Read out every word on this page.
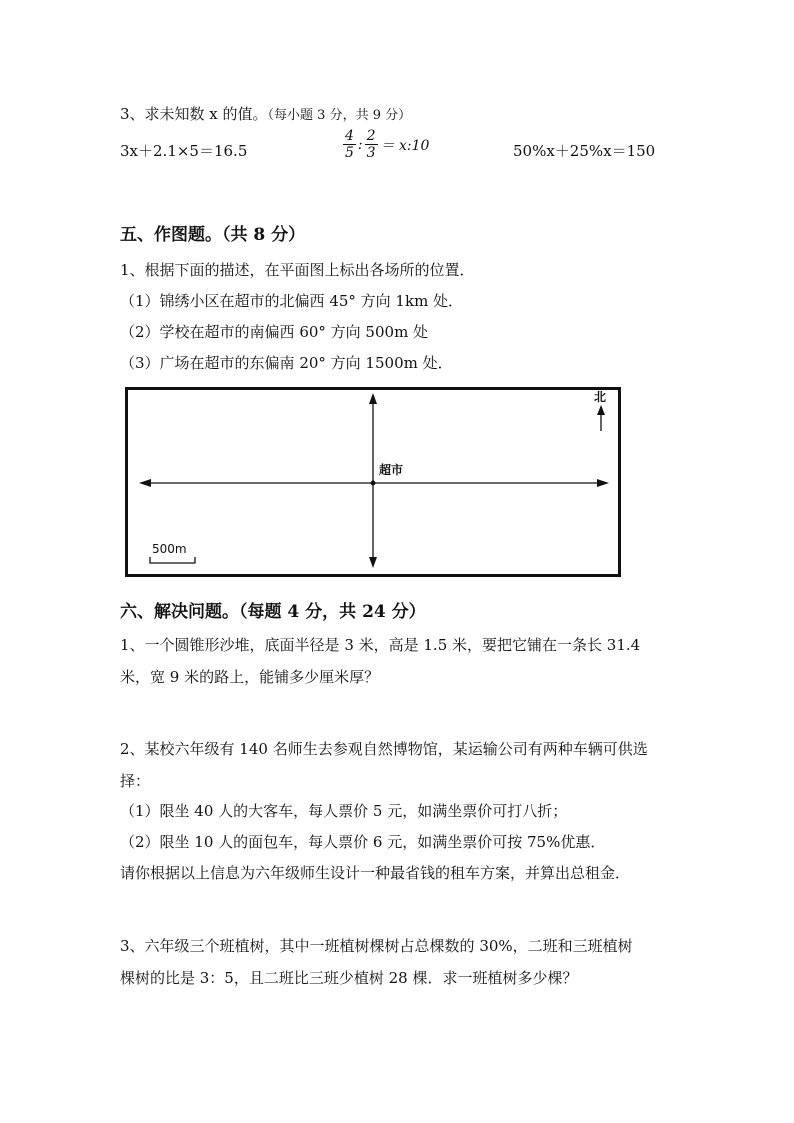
3、求未知数 x 的值。（每小题 3 分，共 9 分）
3x＋2.1×5＝16.5	$\frac{4}{5}$ : $\frac{2}{3}$ ＝ x:10	50%x＋25%x＝150
五、作图题。（共 8 分）
1、根据下面的描述，在平面图上标出各场所的位置．
（1）锦绣小区在超市的北偏西 45° 方向 1km 处．
（2）学校在超市的南偏西 60° 方向 500m 处
（3）广场在超市的东偏南 20° 方向 1500m 处．
北
超市
500m
六、解决问题。（每题 4 分，共 24 分）
1、一个圆锥形沙堆，底面半径是 3 米，高是 1.5 米，要把它铺在一条长 31.4
米，宽 9 米的路上，能铺多少厘米厚？
2、某校六年级有 140 名师生去参观自然博物馆，某运输公司有两种车辆可供选
择：
（1）限坐 40 人的大客车，每人票价 5 元，如满坐票价可打八折；
（2）限坐 10 人的面包车，每人票价 6 元，如满坐票价可按 75%优惠．
请你根据以上信息为六年级师生设计一种最省钱的租车方案，并算出总租金．
3、六年级三个班植树，其中一班植树棵树占总棵数的 30%，二班和三班植树
棵树的比是 3：5，且二班比三班少植树 28 棵．求一班植树多少棵？
